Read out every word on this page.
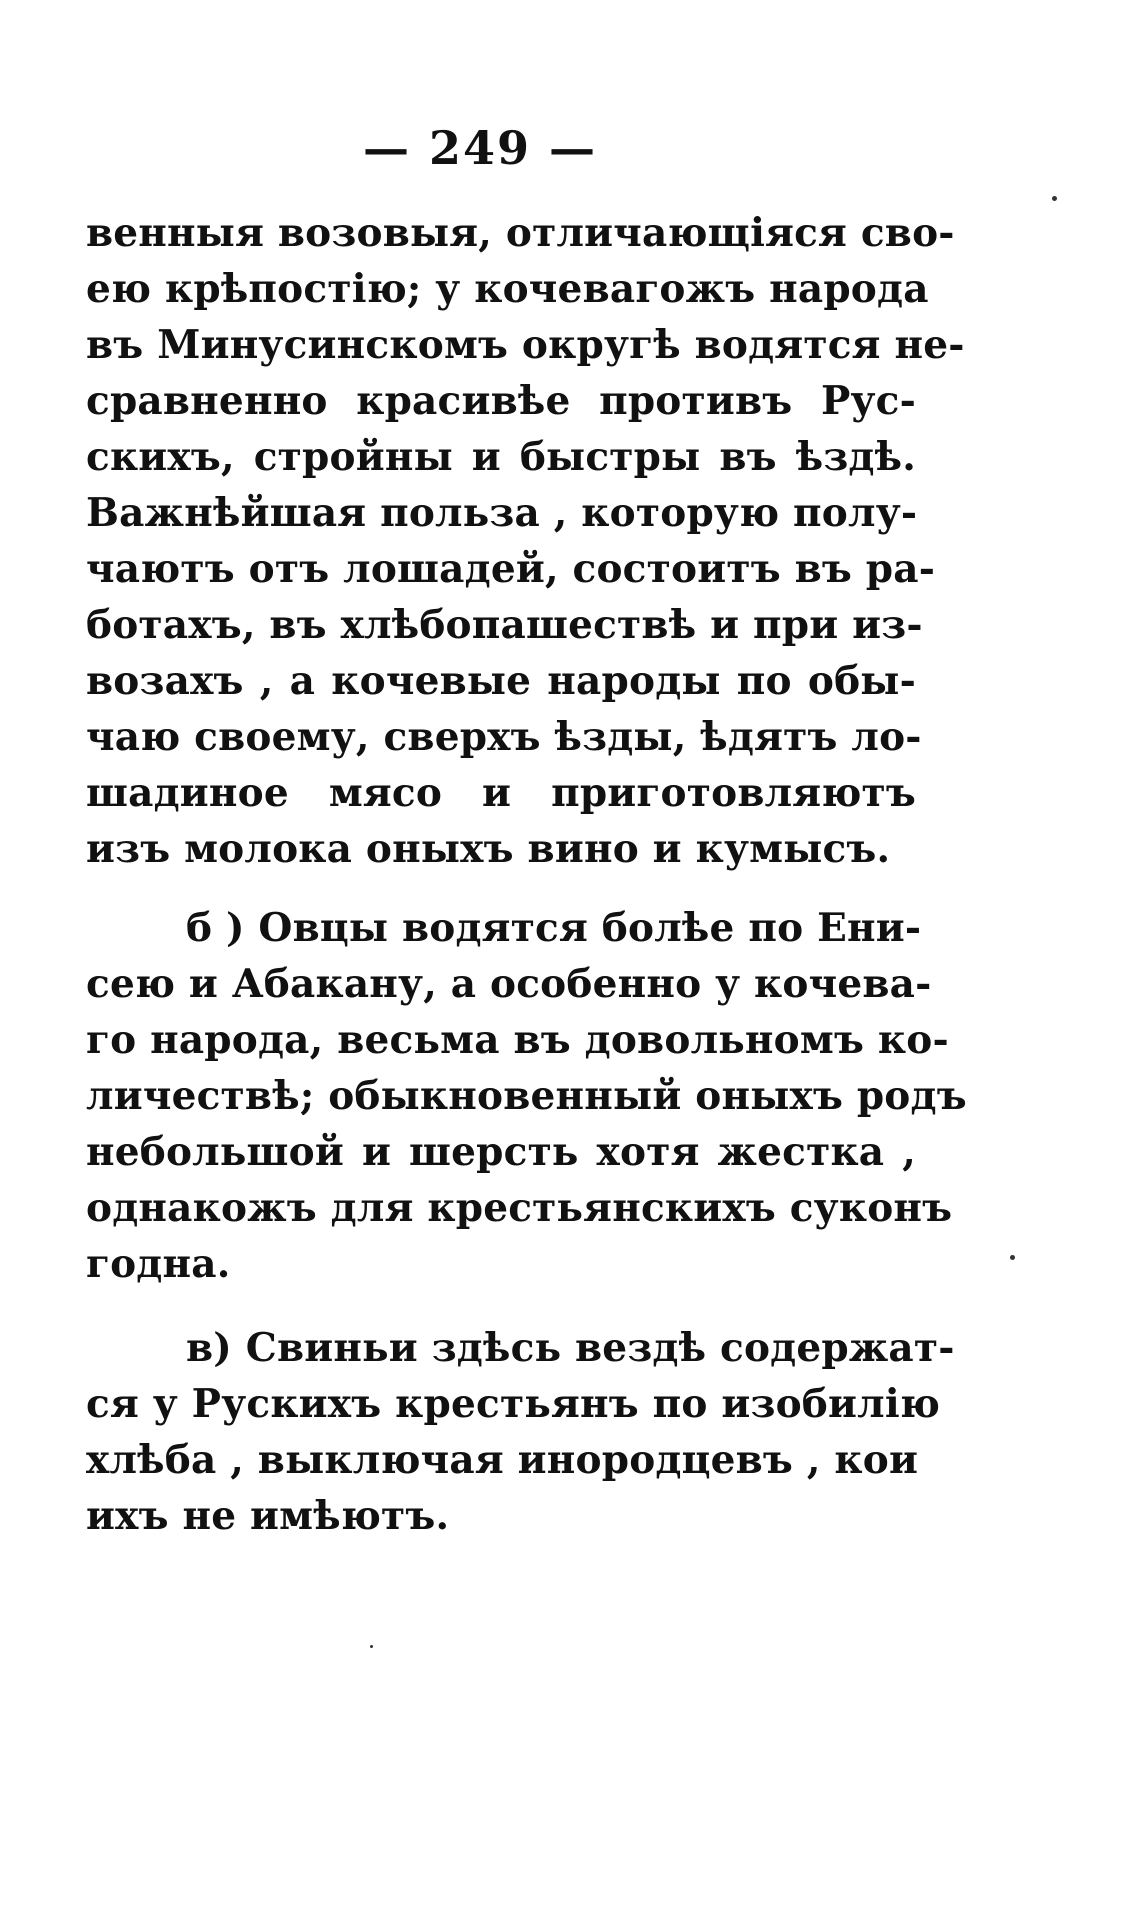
— 249 —
венныя возовыя, отличающіяся сво-
ею крѣпостію; у кочевагожъ народа
въ Минусинскомъ округѣ водятся не-
сравненно красивѣе противъ Рус-
скихъ, стройны и быстры въ ѣздѣ.
Важнѣйшая польза , которую полу-
чаютъ отъ лошадей, состоитъ въ ра-
ботахъ, въ хлѣбопашествѣ и при из-
возахъ , а кочевые народы по обы-
чаю своему, сверхъ ѣзды, ѣдятъ ло-
шадиное мясо и приготовляютъ
изъ молока оныхъ вино и кумысъ.
б ) Овцы водятся болѣе по Ени-
сею и Абакану, а особенно у кочева-
го народа, весьма въ довольномъ ко-
личествѣ; обыкновенный оныхъ родъ
небольшой и шерсть хотя жестка ,
однакожъ для крестьянскихъ суконъ
годна.
в) Свиньи здѣсь вездѣ содержат-
ся у Рускихъ крестьянъ по изобилію
хлѣба , выключая инородцевъ , кои
ихъ не имѣютъ.
